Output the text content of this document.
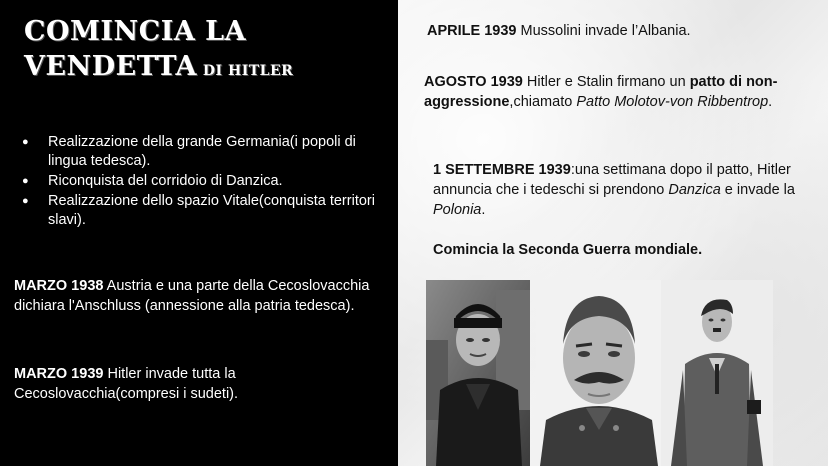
COMINCIA LA
VENDETTA DI HITLER
● Realizzazione della grande Germania(i popoli di lingua tedesca).
● Riconquista del corridoio di Danzica.
● Realizzazione dello spazio Vitale(conquista territori slavi).
MARZO 1938 Austria e una parte della Cecoslovacchia dichiara l'Anschluss (annessione alla patria tedesca).
MARZO 1939 Hitler invade tutta la Cecoslovacchia(compresi i sudeti).
APRILE 1939 Mussolini invade l’Albania.
AGOSTO 1939 Hitler e Stalin firmano un patto di non-aggressione,chiamato Patto Molotov-von Ribbentrop.
1 SETTEMBRE 1939:una settimana dopo il patto, Hitler annuncia che i tedeschi si prendono Danzica e invade la Polonia.
Comincia la Seconda Guerra mondiale.
